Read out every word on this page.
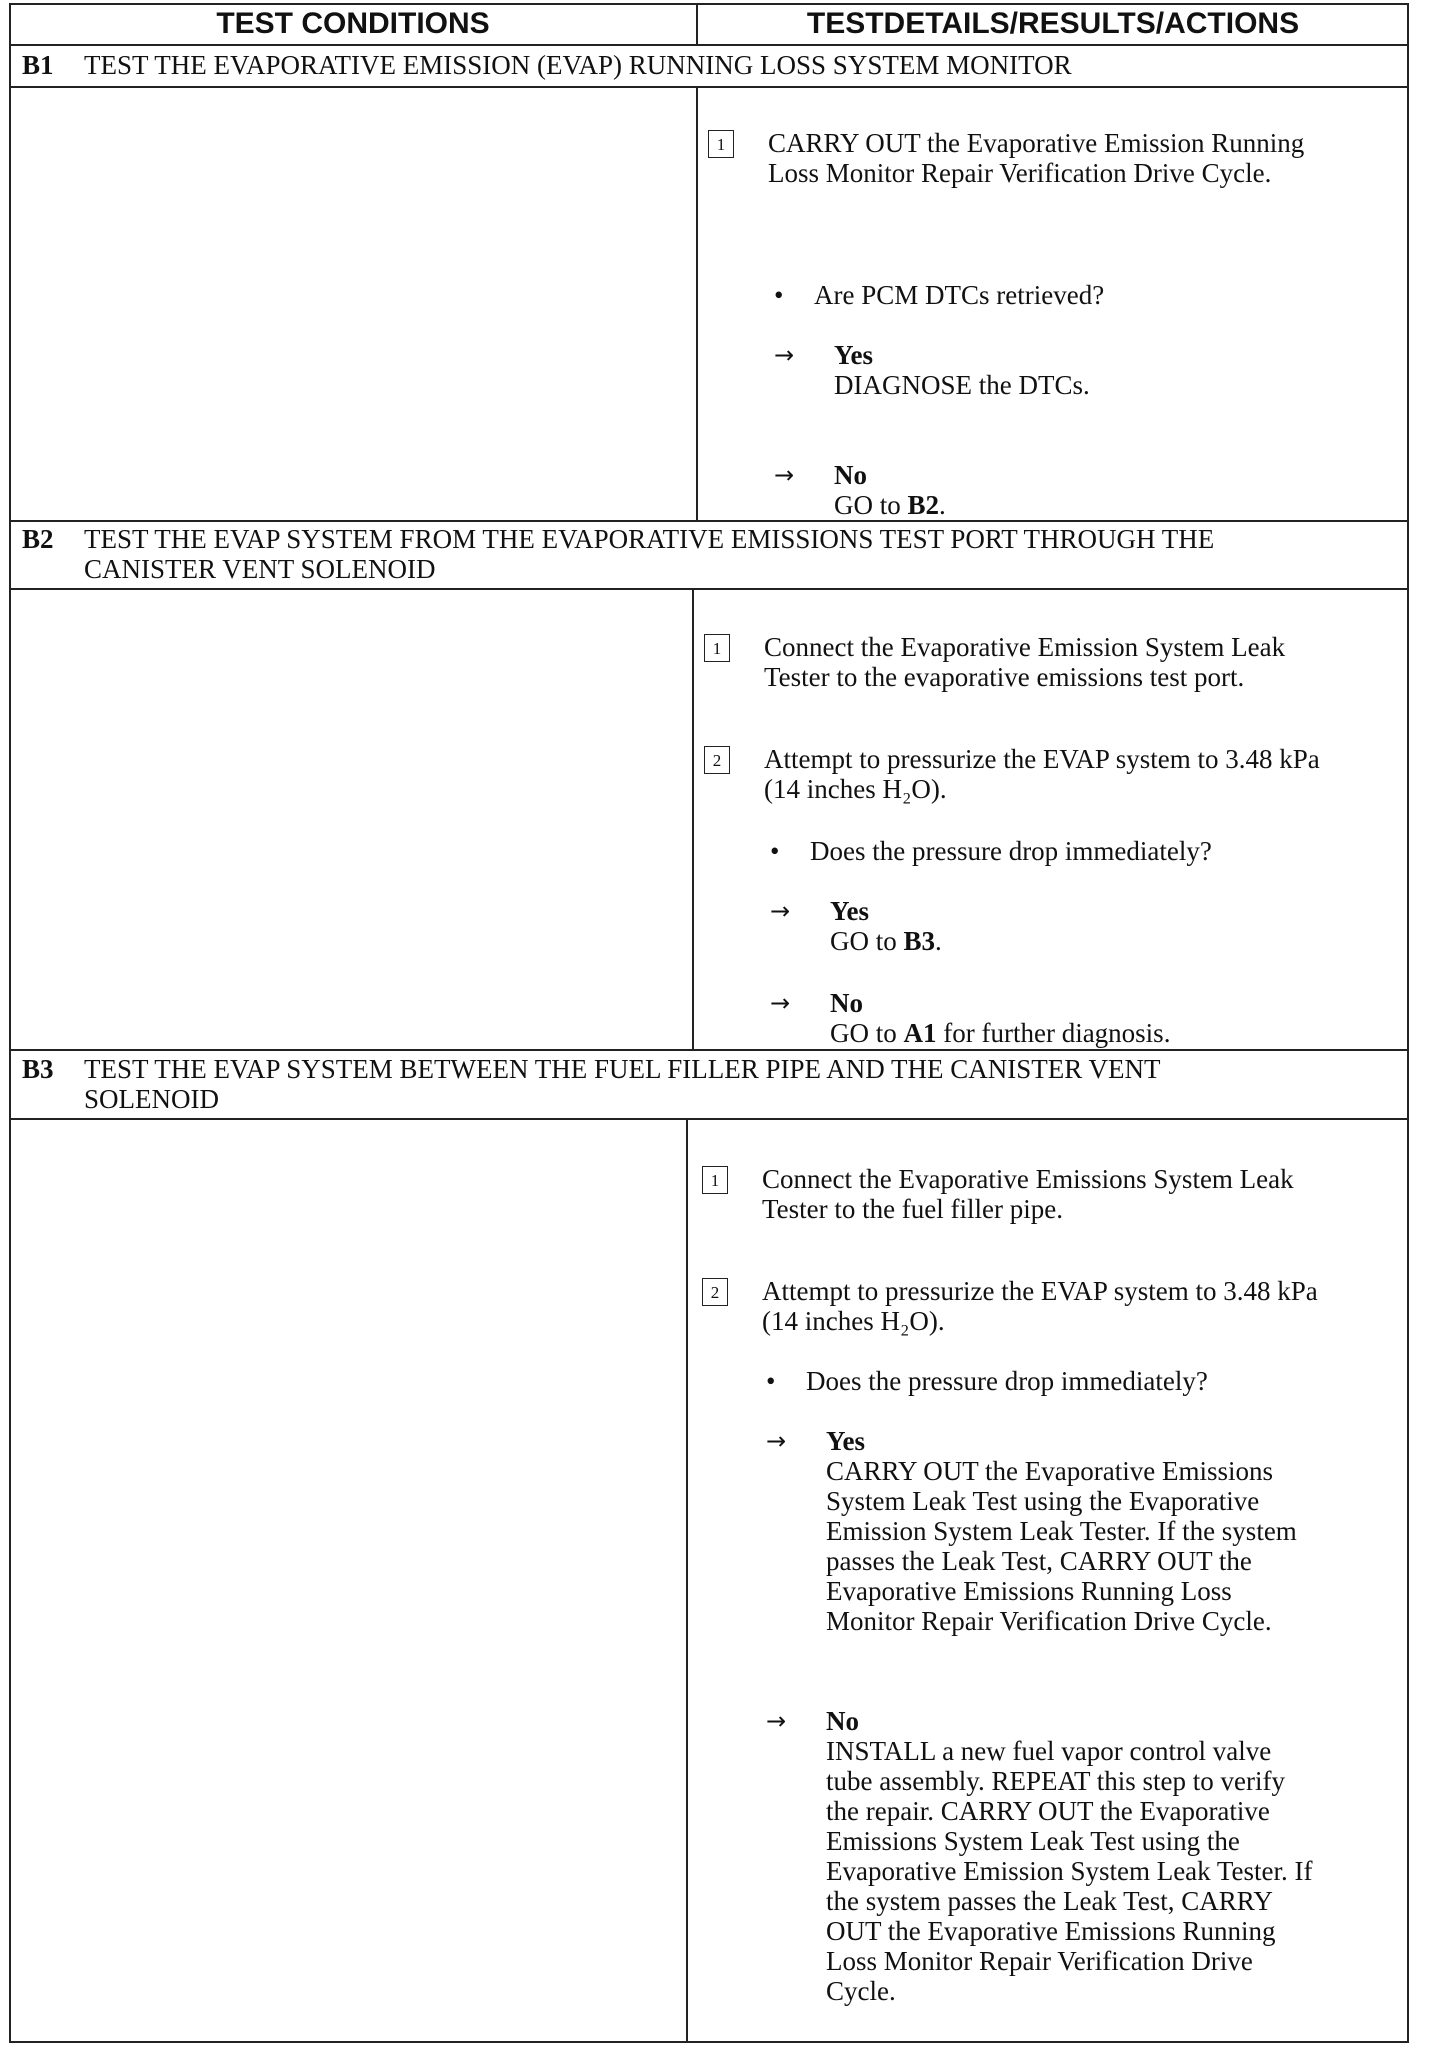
TEST CONDITIONS	TESTDETAILS/RESULTS/ACTIONS
B1 TEST THE EVAPORATIVE EMISSION (EVAP) RUNNING LOSS SYSTEM MONITOR
1	CARRY OUT the Evaporative Emission Running
Loss Monitor Repair Verification Drive Cycle.
• Are PCM DTCs retrieved?
→ Yes
DIAGNOSE the DTCs.
→ No
GO to B2.
B2 TEST THE EVAP SYSTEM FROM THE EVAPORATIVE EMISSIONS TEST PORT THROUGH THE
CANISTER VENT SOLENOID
1	Connect the Evaporative Emission System Leak
Tester to the evaporative emissions test port.
2	Attempt to pressurize the EVAP system to 3.48 kPa
(14 inches H₂O).
• Does the pressure drop immediately?
→ Yes
GO to B3.
→ No
GO to A1 for further diagnosis.
B3 TEST THE EVAP SYSTEM BETWEEN THE FUEL FILLER PIPE AND THE CANISTER VENT
SOLENOID
1	Connect the Evaporative Emissions System Leak
Tester to the fuel filler pipe.
2	Attempt to pressurize the EVAP system to 3.48 kPa
(14 inches H₂O).
• Does the pressure drop immediately?
→ Yes
CARRY OUT the Evaporative Emissions
System Leak Test using the Evaporative
Emission System Leak Tester. If the system
passes the Leak Test, CARRY OUT the
Evaporative Emissions Running Loss
Monitor Repair Verification Drive Cycle.
→ No
INSTALL a new fuel vapor control valve
tube assembly. REPEAT this step to verify
the repair. CARRY OUT the Evaporative
Emissions System Leak Test using the
Evaporative Emission System Leak Tester. If
the system passes the Leak Test, CARRY
OUT the Evaporative Emissions Running
Loss Monitor Repair Verification Drive
Cycle.
